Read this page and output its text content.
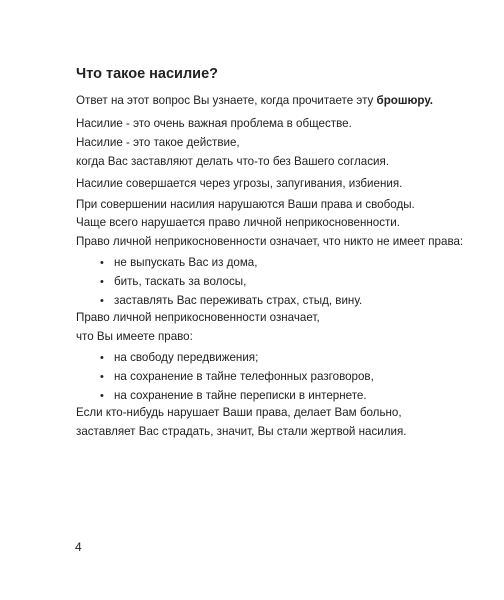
Что такое насилие?
Ответ на этот вопрос Вы узнаете, когда прочитаете эту брошюру.
Насилие - это очень важная проблема в обществе.
Насилие - это такое действие,
когда Вас заставляют делать что-то без Вашего согласия.
Насилие совершается через угрозы, запугивания, избиения.
При совершении насилия нарушаются Ваши права и свободы.
Чаще всего нарушается право личной неприкосновенности.
Право личной неприкосновенности означает, что никто не имеет права:
• не выпускать Вас из дома,
• бить, таскать за волосы,
• заставлять Вас переживать страх, стыд, вину.
Право личной неприкосновенности означает,
что Вы имеете право:
• на свободу передвижения;
• на сохранение в тайне телефонных разговоров,
• на сохранение в тайне переписки в интернете.
Если кто-нибудь нарушает Ваши права, делает Вам больно,
заставляет Вас страдать, значит, Вы стали жертвой насилия.
4
